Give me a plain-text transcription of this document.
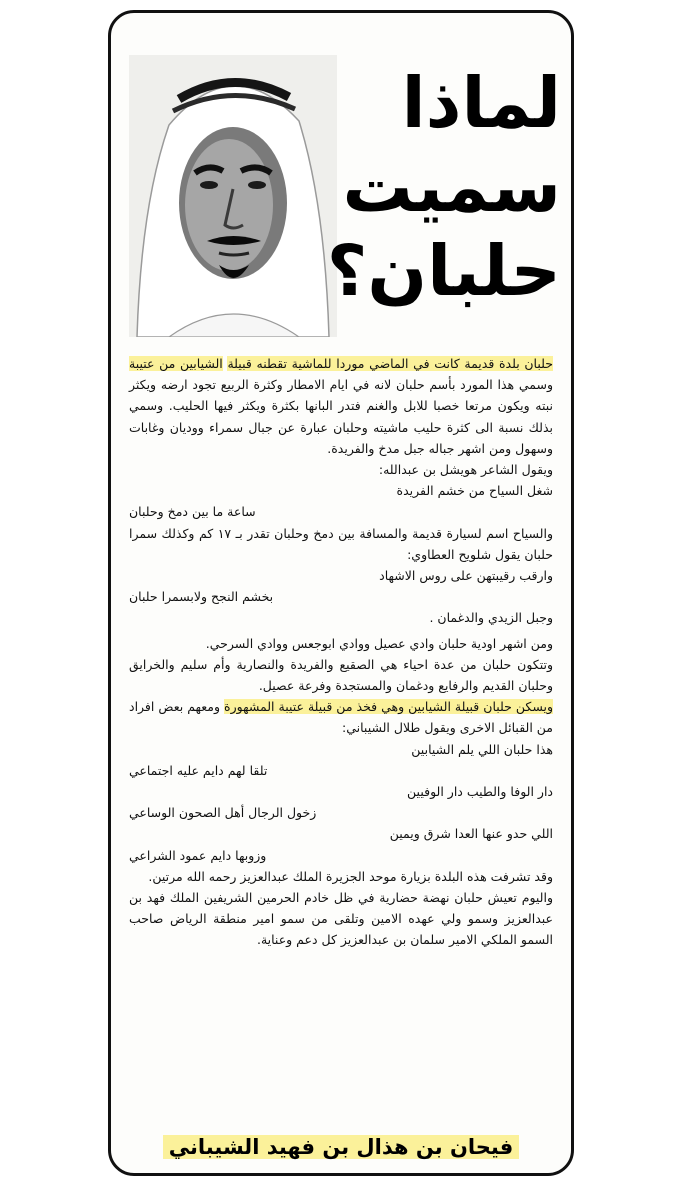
لماذا
سميت
حلبان؟

حلبان بلدة قديمة كانت في الماضي موردا للماشية تقطنه قبيلة الشيابين من عتيبة وسمي هذا المورد بأسم حلبان لانه في ايام الامطار وكثرة الربيع تجود ارضه ويكثر نبته ويكون مرتعا خصبا للابل والغنم فتدر البانها بكثرة ويكثر فيها الحليب. وسمي بذلك نسبة الى كثرة حليب ماشيته وحلبان عبارة عن جبال سمراء ووديان وغابات وسهول ومن اشهر جباله جبل مدخ والفريدة.

ويقول الشاعر هويشل بن عبدالله:

شغل السياح من خشم الفريدة
ساعة ما بين دمخ وحلبان

والسياح اسم لسيارة قديمة والمسافة بين دمخ وحلبان تقدر بـ ١٧ كم وكذلك سمرا حلبان يقول شلويح العطاوي:

وارقب رقيبتهن على روس الاشهاد
بخشم النجح ولابسمرا حلبان
وجبل الزيدي والدغمان .

ومن اشهر اودية حلبان وادي عصيل ووادي ابوجعس ووادي السرحي.

وتتكون حلبان من عدة احياء هي الصقيع والفريدة والنصارية وأم سليم والخرايق وحلبان القديم والرفايع ودغمان والمستجدة وفرعة عصيل.

ويسكن حلبان قبيلة الشيابين وهي فخذ من قبيلة عتيبة المشهورة ومعهم بعض افراد من القبائل الاخرى ويقول طلال الشيباني:

هذا حلبان اللي يلم الشيابين
تلقا لهم دايم عليه اجتماعي
دار الوفا والطيب دار الوفيين
زخول الرجال أهل الصحون الوساعي
اللي حدو عنها العدا شرق ويمين
وزوبها دايم عمود الشراعي

وقد تشرفت هذه البلدة بزيارة موحد الجزيرة الملك عبدالعزيز رحمه الله مرتين.

واليوم تعيش حلبان نهضة حضارية في ظل خادم الحرمين الشريفين الملك فهد بن عبدالعزيز وسمو ولي عهده الامين وتلقى من سمو امير منطقة الرياض صاحب السمو الملكي الامير سلمان بن عبدالعزيز كل دعم وعناية.

فيحان بن هذال بن فهيد الشيباني
